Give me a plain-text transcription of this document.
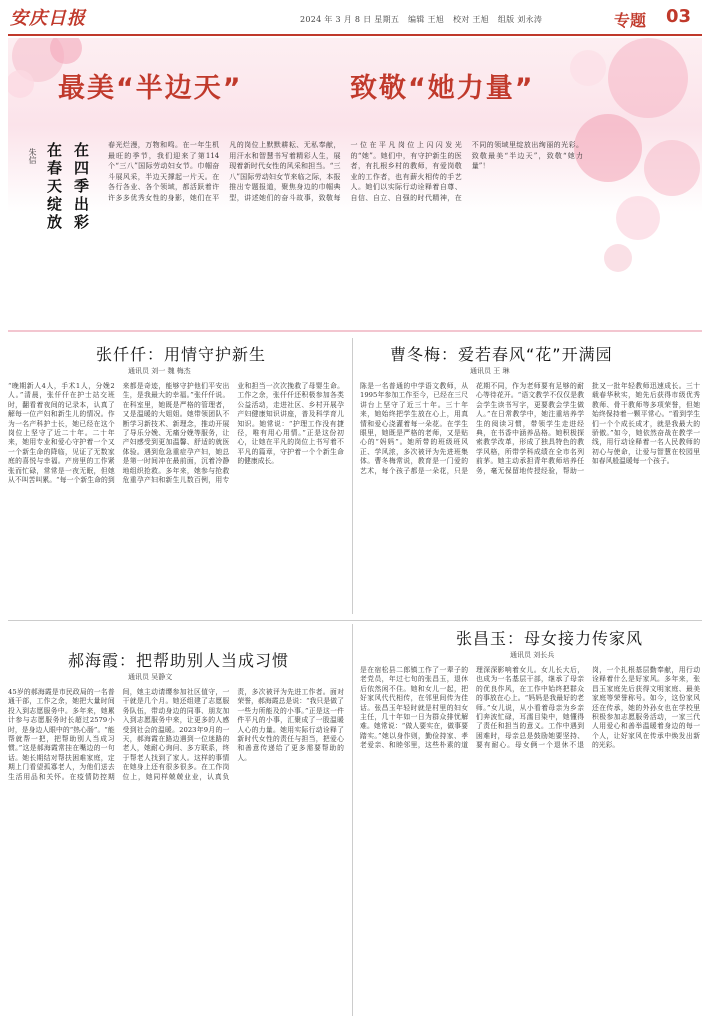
安庆日报	2024 年 3 月 8 日 星期五 编辑 王旭 校对 王旭 组版 刘永涛	专题 03
最美“半边天”	致敬“她力量”
在四季出彩
在春天绽放
朱信
春光烂漫，万物和鸣。在一年生机最旺的季节，我们迎来了第114个“三八”国际劳动妇女节。巾帼奋斗展风采，半边天撑起一片天。在各行各业、各个领域，都活跃着许许多多优秀女性的身影，她们在平凡的岗位上默默耕耘、无私奉献，用汗水和智慧书写着精彩人生，展现着新时代女性的风采和担当。“三八”国际劳动妇女节来临之际，本报推出专题报道，聚焦身边的巾帼典型，讲述她们的奋斗故事，致敬每一位在平凡岗位上闪闪发光的“她”。她们中，有守护新生的医者，有扎根乡村的教师，有爱岗敬业的工作者，也有薪火相传的手艺人。她们以实际行动诠释着自尊、自信、自立、自强的时代精神，在不同的领域里绽放出绚丽的光彩。致敬最美“半边天”，致敬“她力量”！
张仟仟：用情守护新生
通讯员 刘一 魏 梅杰
“晚期新人4人，手术1人，分娩2人。”清晨，张仟仟在护士站交班时，翻看着夜间的记录本，认真了解每一位产妇和新生儿的情况。作为一名产科护士长，她已经在这个岗位上坚守了近二十年。二十年来，她用专业和爱心守护着一个又一个新生命的降临，见证了无数家庭的喜悦与幸福。产房里的工作紧张而忙碌，常常是一夜无眠，但她从不叫苦叫累。“每一个新生命的到来都是奇迹，能够守护他们平安出生，是我最大的幸福。”张仟仟说。在科室里，她既是严格的管理者，又是温暖的大姐姐。她带领团队不断学习新技术、新理念，推动开展了导乐分娩、无痛分娩等服务，让产妇感受到更加温馨、舒适的就医体验。遇到危急重症孕产妇，她总是第一时间冲在最前面，沉着冷静地组织抢救。多年来，她参与抢救危重孕产妇和新生儿数百例，用专业和担当一次次挽救了母婴生命。工作之余，张仟仟还积极参加各类公益活动，走进社区、乡村开展孕产妇健康知识讲座，普及科学育儿知识。她常说：“护理工作没有捷径，唯有用心用情。”正是这份初心，让她在平凡的岗位上书写着不平凡的篇章，守护着一个个新生命的健康成长。
曹冬梅：爱若春风“花”开满园
通讯员 王 琳
陈是一名普通的中学语文教师，从1995年参加工作至今，已经在三尺讲台上坚守了近三十年。三十年来，她始终把学生放在心上，用真情和爱心浇灌着每一朵花。在学生眼里，她既是严格的老师，又是贴心的“妈妈”。她所带的班级班风正、学风浓，多次被评为先进班集体。曹冬梅常说，教育是一门爱的艺术，每个孩子都是一朵花，只是花期不同，作为老师要有足够的耐心等待花开。“语文教学不仅仅是教会学生读书写字，更要教会学生做人。”在日常教学中，她注重培养学生的阅读习惯，带领学生走进经典，在书香中涵养品格。她积极探索教学改革，形成了独具特色的教学风格，所带学科成绩在全市名列前茅。她主动承担青年教师培养任务，毫无保留地传授经验，帮助一批又一批年轻教师迅速成长。三十载春华秋实，她先后获得市级优秀教师、骨干教师等多项荣誉，但她始终保持着一颗平常心。“看到学生们一个个成长成才，就是我最大的骄傲。”如今，她依然奋战在教学一线，用行动诠释着一名人民教师的初心与使命，让爱与智慧在校园里如春风般温暖每一个孩子。
郝海霞：把帮助别人当成习惯
通讯员 吴静文
45岁的郝海霞是市民政局的一名普通干部，工作之余，她把大量时间投入到志愿服务中。多年来，她累计参与志愿服务时长超过2579小时，是身边人眼中的“热心肠”。“能帮就帮一把，把帮助别人当成习惯。”这是郝海霞常挂在嘴边的一句话。她长期结对帮扶困难家庭，定期上门看望孤寡老人，为他们送去生活用品和关怀。在疫情防控期间，她主动请缨参加社区值守，一干就是几个月。她还组建了志愿服务队伍，带动身边的同事、朋友加入到志愿服务中来，让更多的人感受到社会的温暖。2023年9月的一天，郝海霞在路边遇到一位迷路的老人，她耐心询问、多方联系，终于帮老人找到了家人。这样的事情在她身上还有很多很多。在工作岗位上，她同样兢兢业业，认真负责，多次被评为先进工作者。面对荣誉，郝海霞总是说：“我只是做了一些力所能及的小事。”正是这一件件平凡的小事，汇聚成了一股温暖人心的力量。她用实际行动诠释了新时代女性的责任与担当，把爱心和善意传递给了更多需要帮助的人。
张昌玉：母女接力传家风
通讯员 刘长兵
是在宿松县二郎镇工作了一辈子的老党员，年过七旬的张昌玉，退休后依然闲不住。她和女儿一起，把好家风代代相传，在邻里间传为佳话。张昌玉年轻时就是村里的妇女主任，几十年如一日为群众排忧解难。她常说：“做人要实在，做事要踏实。”她以身作则，勤俭持家、孝老爱亲、和睦邻里，这些朴素的道理深深影响着女儿。女儿长大后，也成为一名基层干部，继承了母亲的优良作风，在工作中始终把群众的事放在心上。“妈妈是我最好的老师。”女儿说，从小看着母亲为乡亲们奔波忙碌，耳濡目染中，她懂得了责任和担当的意义。工作中遇到困难时，母亲总是鼓励她要坚持、要有耐心。母女俩一个退休不退岗，一个扎根基层勤奉献，用行动诠释着什么是好家风。多年来，张昌玉家庭先后获得文明家庭、最美家庭等荣誉称号。如今，这份家风还在传承，她的外孙女也在学校里积极参加志愿服务活动，一家三代人用爱心和善举温暖着身边的每一个人，让好家风在传承中焕发出新的光彩。
